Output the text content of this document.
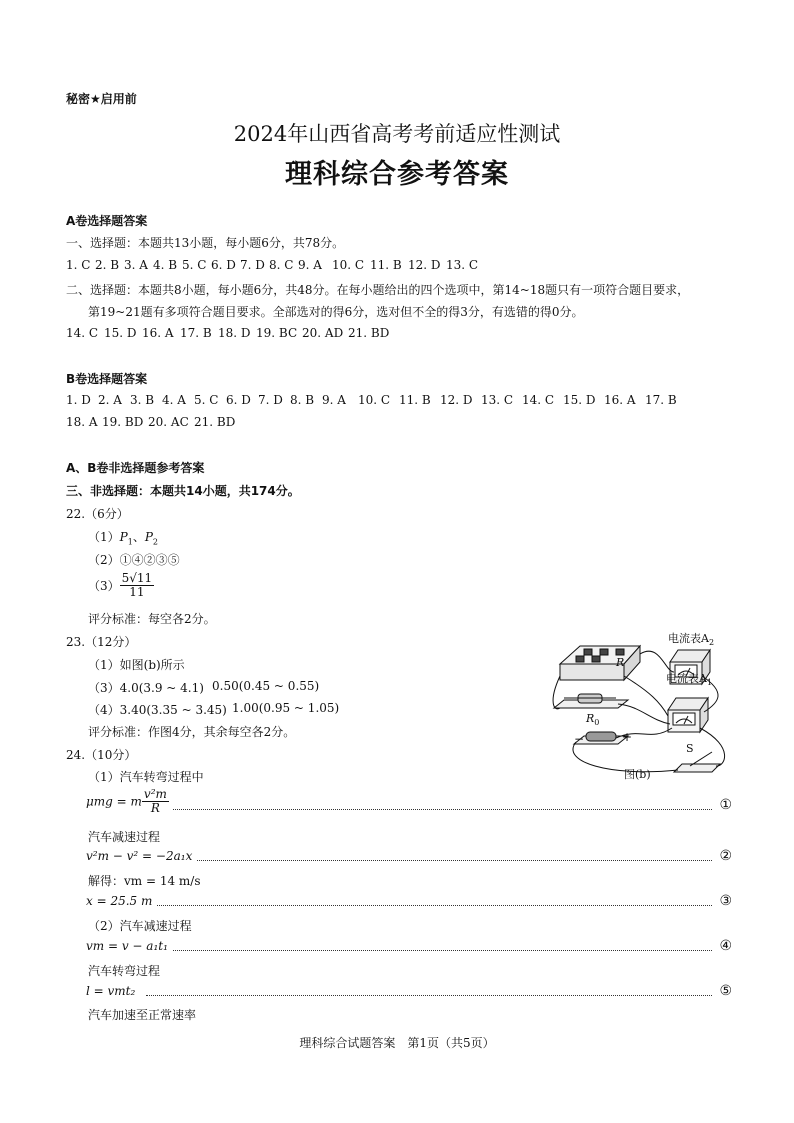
秘密★启用前
2024年山西省高考考前适应性测试
理科综合参考答案
A卷选择题答案
一、选择题：本题共13小题，每小题6分，共78分。
1. C 2. B 3. A 4. B 5. C 6. D 7. D 8. C 9. A 10. C 11. B 12. D 13. C
二、选择题：本题共8小题，每小题6分，共48分。在每小题给出的四个选项中，第14~18题只有一项符合题目要求，
第19~21题有多项符合题目要求。全部选对的得6分，选对但不全的得3分，有选错的得0分。
14. C 15. D 16. A 17. B 18. D 19. BC 20. AD 21. BD
B卷选择题答案
1. D 2. A 3. B 4. A 5. C 6. D 7. D 8. B 9. A 10. C 11. B 12. D 13. C 14. C 15. D 16. A 17. B
18. A 19. BD 20. AC 21. BD
A、B卷非选择题参考答案
三、非选择题：本题共14小题，共174分。
22.（6分）
$(1)P_1$、$P_2$
（2）①④②③⑤
$(3) \frac{5√11}{11}$
评分标准：每空各2分。
23.（12分）
（1）如图(b)所示
（3）4.0(3.9 ~ 4.1) 0.50(0.45 ~ 0.55)
（4）3.40(3.35 ~ 3.45) 1.00(0.95 ~ 1.05)
评分标准：作图4分，其余每空各2分。
电流表$A_2$
电流表$A_1$
R
$R_0$
−	+
S
图(b)
24.（10分）
（1）汽车转弯过程中
μmg = m $\frac{\text{v²m}}{R}$	①
汽车减速过程
v²m − v² = −2a₁x	②
解得：vm = 14 m/s
x = 25.5 m	③
（2）汽车减速过程
vm = v − a₁t₁	④
汽车转弯过程
l = vmt₂	⑤
汽车加速至正常速率
理科综合试题答案　第1页（共5页）
